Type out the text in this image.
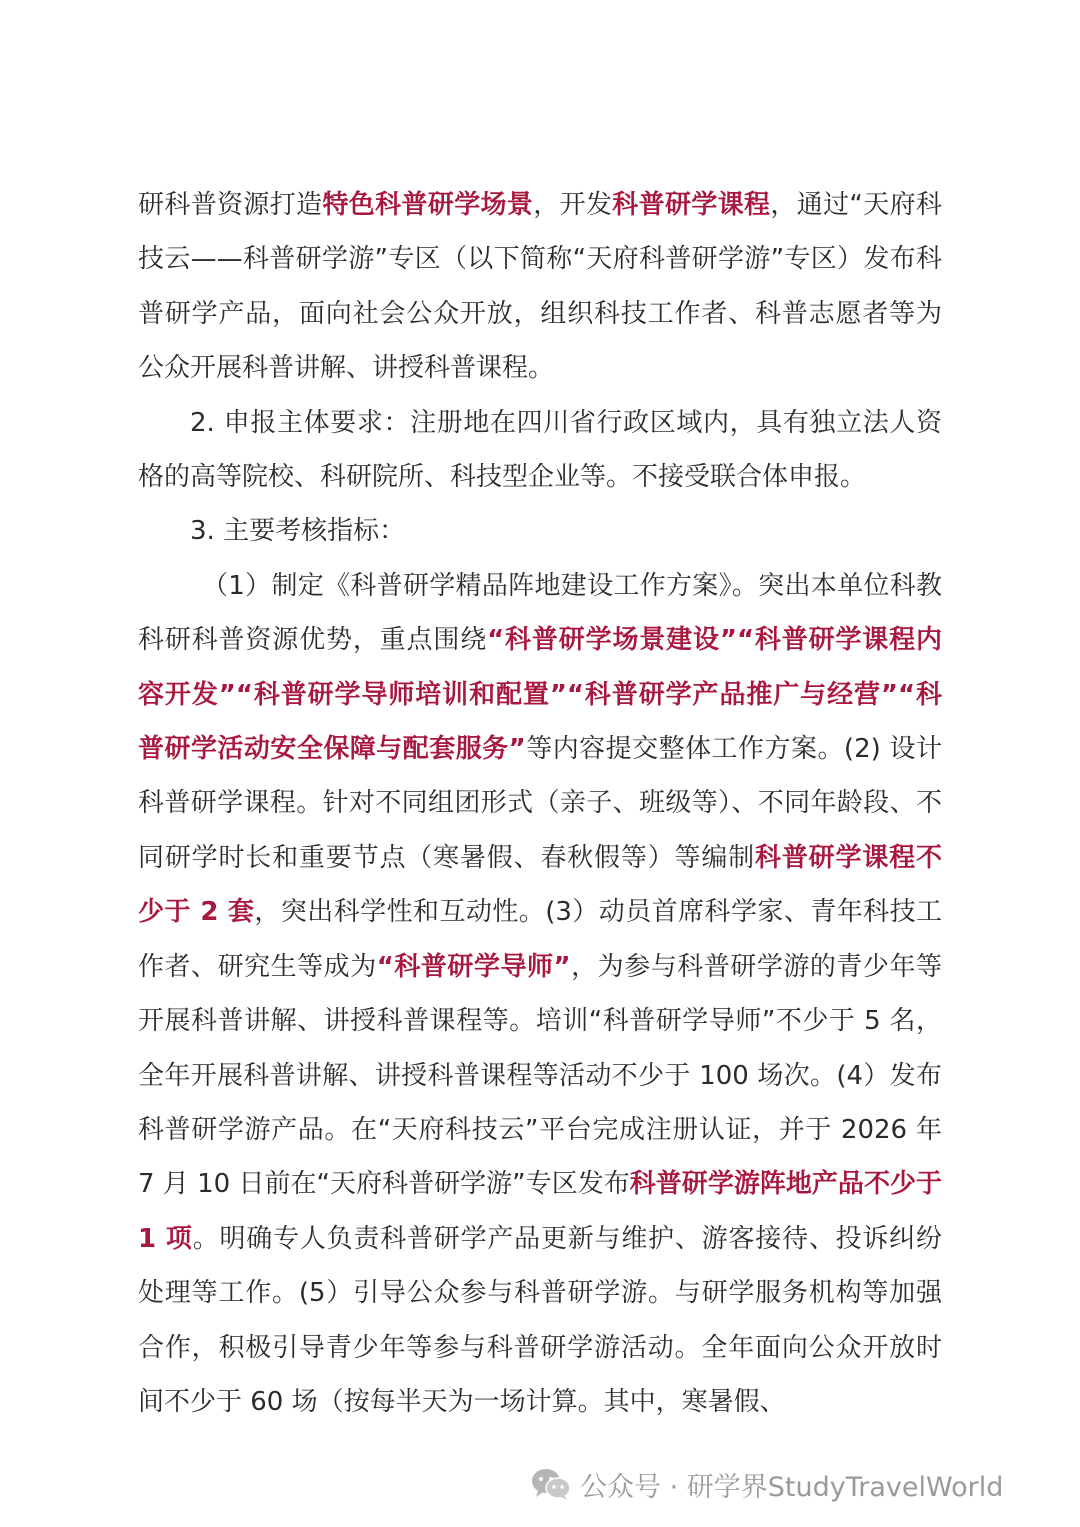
研科普资源打造特色科普研学场景，开发科普研学课程，通过“天府科技云——科普研学游”专区（以下简称“天府科普研学游”专区）发布科普研学产品，面向社会公众开放，组织科技工作者、科普志愿者等为公众开展科普讲解、讲授科普课程。

2. 申报主体要求：注册地在四川省行政区域内，具有独立法人资格的高等院校、科研院所、科技型企业等。不接受联合体申报。

3. 主要考核指标：

（1）制定《科普研学精品阵地建设工作方案》。突出本单位科教科研科普资源优势，重点围绕“科普研学场景建设”“科普研学课程内容开发”“科普研学导师培训和配置”“科普研学产品推广与经营”“科普研学活动安全保障与配套服务”等内容提交整体工作方案。(2) 设计科普研学课程。针对不同组团形式（亲子、班级等）、不同年龄段、不同研学时长和重要节点（寒暑假、春秋假等）等编制科普研学课程不少于 2 套，突出科学性和互动性。(3）动员首席科学家、青年科技工作者、研究生等成为“科普研学导师”，为参与科普研学游的青少年等开展科普讲解、讲授科普课程等。培训“科普研学导师”不少于 5 名，全年开展科普讲解、讲授科普课程等活动不少于 100 场次。(4）发布科普研学游产品。在“天府科技云”平台完成注册认证，并于 2026 年 7 月 10 日前在“天府科普研学游”专区发布科普研学游阵地产品不少于 1 项。明确专人负责科普研学产品更新与维护、游客接待、投诉纠纷处理等工作。(5）引导公众参与科普研学游。与研学服务机构等加强合作，积极引导青少年等参与科普研学游活动。全年面向公众开放时间不少于 60 场（按每半天为一场计算。其中，寒暑假、

公众号 · 研学界StudyTravelWorld
